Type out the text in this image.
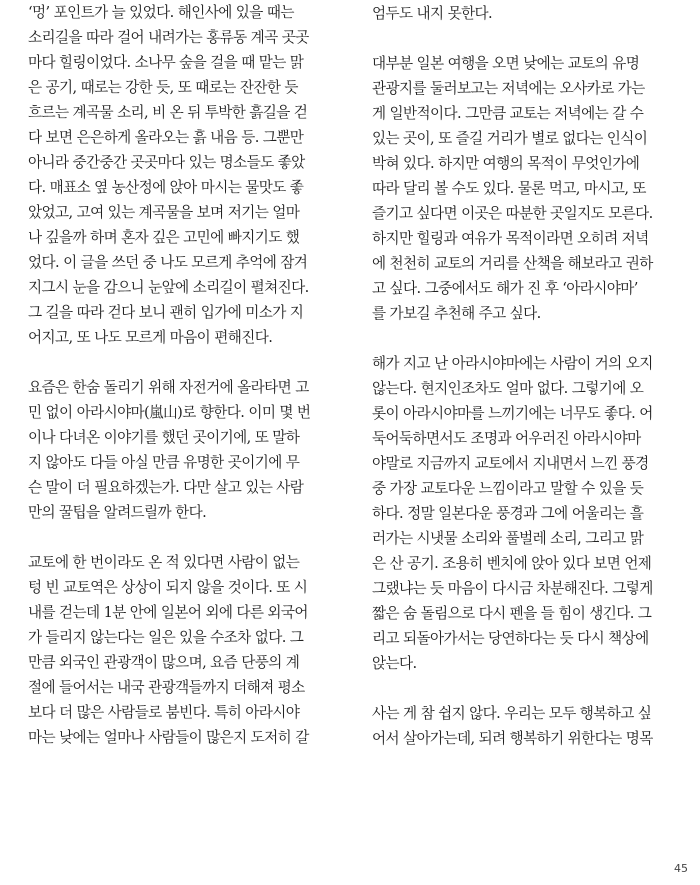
‘멍’ 포인트가 늘 있었다. 해인사에 있을 때는
소리길을 따라 걸어 내려가는 홍류동 계곡 곳곳
마다 힐링이었다. 소나무 숲을 걸을 때 맡는 맑
은 공기, 때로는 강한 듯, 또 때로는 잔잔한 듯
흐르는 계곡물 소리, 비 온 뒤 투박한 흙길을 걷
다 보면 은은하게 올라오는 흙 내음 등. 그뿐만
아니라 중간중간 곳곳마다 있는 명소들도 좋았
다. 매표소 옆 농산정에 앉아 마시는 물맛도 좋
았었고, 고여 있는 계곡물을 보며 저기는 얼마
나 깊을까 하며 혼자 깊은 고민에 빠지기도 했
었다. 이 글을 쓰던 중 나도 모르게 추억에 잠겨
지그시 눈을 감으니 눈앞에 소리길이 펼쳐진다.
그 길을 따라 걷다 보니 괜히 입가에 미소가 지
어지고, 또 나도 모르게 마음이 편해진다.
요즘은 한숨 돌리기 위해 자전거에 올라타면 고
민 없이 아라시야마(嵐山)로 향한다. 이미 몇 번
이나 다녀온 이야기를 했던 곳이기에, 또 말하
지 않아도 다들 아실 만큼 유명한 곳이기에 무
슨 말이 더 필요하겠는가. 다만 살고 있는 사람
만의 꿀팁을 알려드릴까 한다.
교토에 한 번이라도 온 적 있다면 사람이 없는
텅 빈 교토역은 상상이 되지 않을 것이다. 또 시
내를 걷는데 1분 안에 일본어 외에 다른 외국어
가 들리지 않는다는 일은 있을 수조차 없다. 그
만큼 외국인 관광객이 많으며, 요즘 단풍의 계
절에 들어서는 내국 관광객들까지 더해져 평소
보다 더 많은 사람들로 붐빈다. 특히 아라시야
마는 낮에는 얼마나 사람들이 많은지 도저히 갈
엄두도 내지 못한다.
대부분 일본 여행을 오면 낮에는 교토의 유명
관광지를 둘러보고는 저녁에는 오사카로 가는
게 일반적이다. 그만큼 교토는 저녁에는 갈 수
있는 곳이, 또 즐길 거리가 별로 없다는 인식이
박혀 있다. 하지만 여행의 목적이 무엇인가에
따라 달리 볼 수도 있다. 물론 먹고, 마시고, 또
즐기고 싶다면 이곳은 따분한 곳일지도 모른다.
하지만 힐링과 여유가 목적이라면 오히려 저녁
에 천천히 교토의 거리를 산책을 해보라고 권하
고 싶다. 그중에서도 해가 진 후 ‘아라시야마’
를 가보길 추천해 주고 싶다.
해가 지고 난 아라시야마에는 사람이 거의 오지
않는다. 현지인조차도 얼마 없다. 그렇기에 오
롯이 아라시야마를 느끼기에는 너무도 좋다. 어
둑어둑하면서도 조명과 어우러진 아라시야마
야말로 지금까지 교토에서 지내면서 느낀 풍경
중 가장 교토다운 느낌이라고 말할 수 있을 듯
하다. 정말 일본다운 풍경과 그에 어울리는 흘
러가는 시냇물 소리와 풀벌레 소리, 그리고 맑
은 산 공기. 조용히 벤치에 앉아 있다 보면 언제
그랬냐는 듯 마음이 다시금 차분해진다. 그렇게
짧은 숨 돌림으로 다시 펜을 들 힘이 생긴다. 그
리고 되돌아가서는 당연하다는 듯 다시 책상에
앉는다.
사는 게 참 쉽지 않다. 우리는 모두 행복하고 싶
어서 살아가는데, 되려 행복하기 위한다는 명목
45
